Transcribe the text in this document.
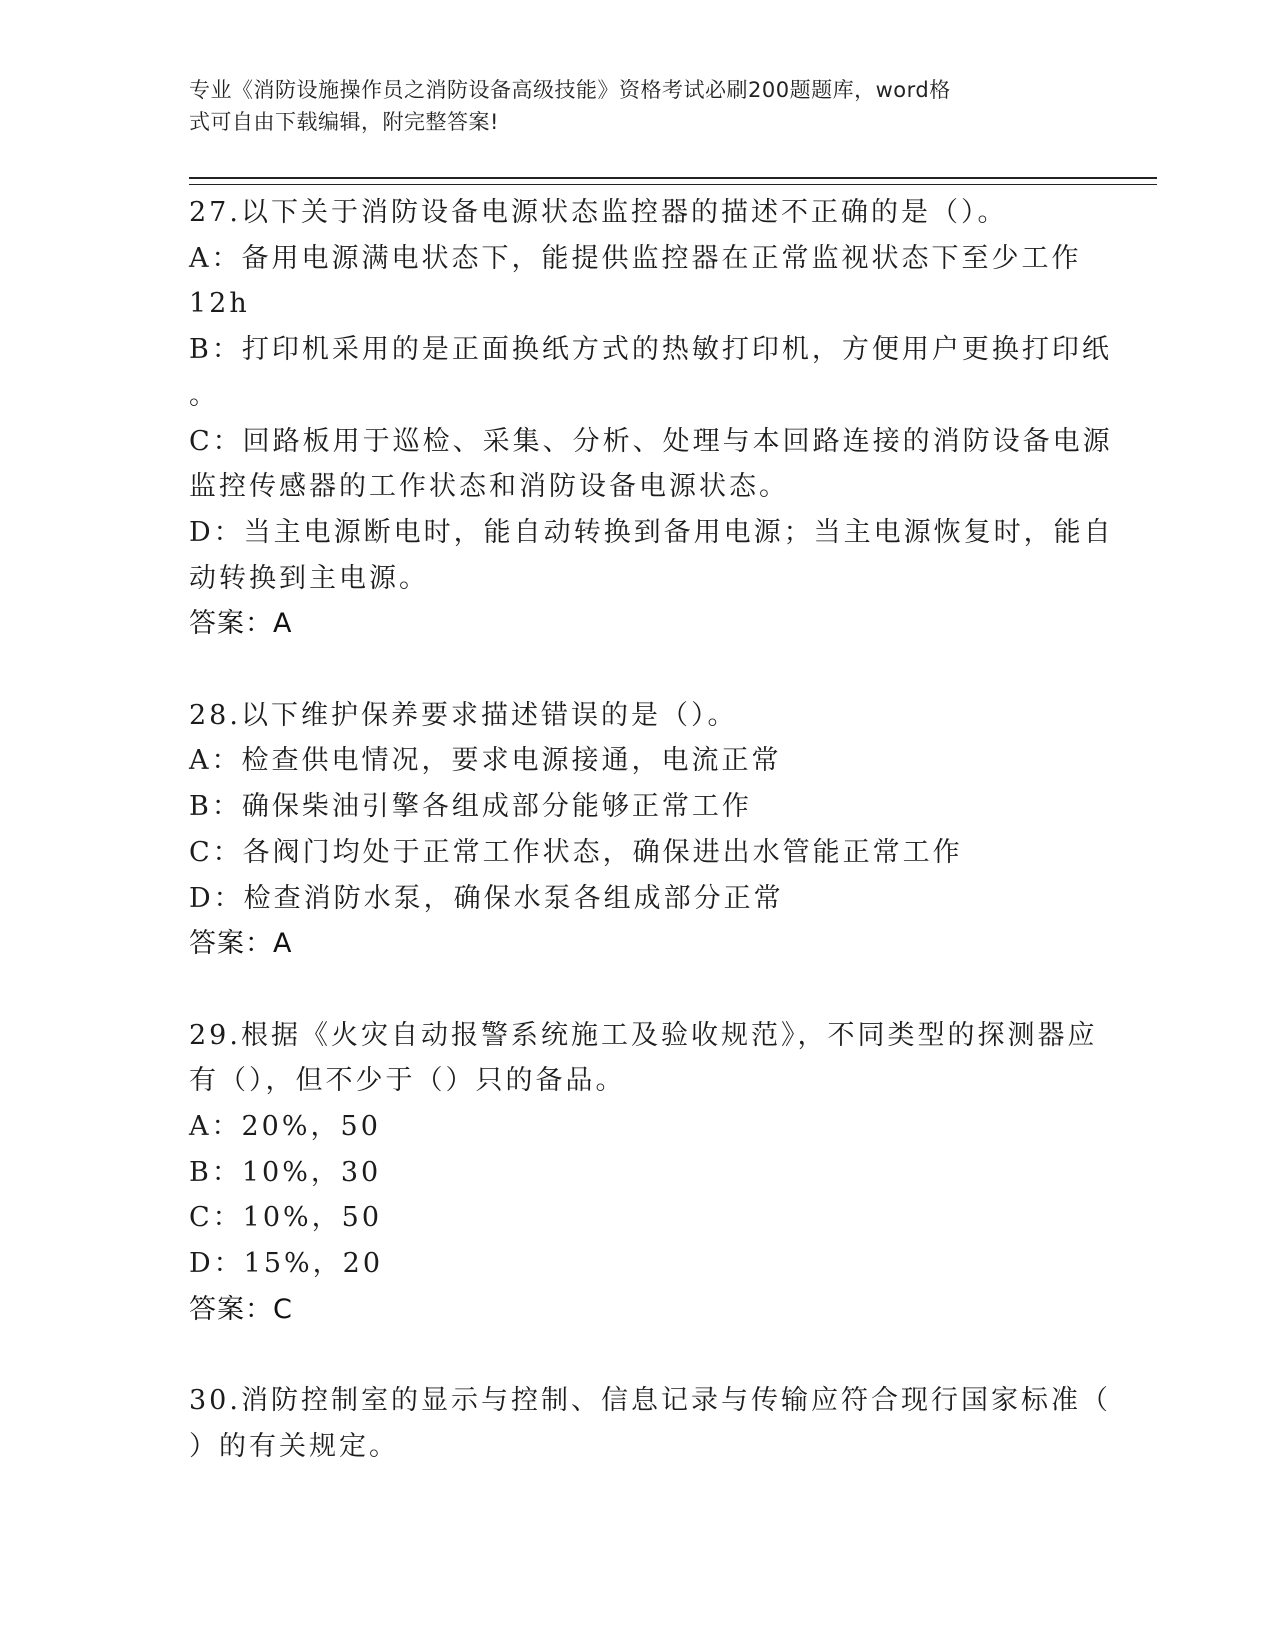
专业《消防设施操作员之消防设备高级技能》资格考试必刷200题题库，word格
式可自由下载编辑，附完整答案!
27.以下关于消防设备电源状态监控器的描述不正确的是（）。
A：备用电源满电状态下，能提供监控器在正常监视状态下至少工作
12h
B：打印机采用的是正面换纸方式的热敏打印机，方便用户更换打印纸
。
C：回路板用于巡检、采集、分析、处理与本回路连接的消防设备电源
监控传感器的工作状态和消防设备电源状态。
D：当主电源断电时，能自动转换到备用电源；当主电源恢复时，能自
动转换到主电源。
答案：A
28.以下维护保养要求描述错误的是（）。
A：检查供电情况，要求电源接通，电流正常
B：确保柴油引擎各组成部分能够正常工作
C：各阀门均处于正常工作状态，确保进出水管能正常工作
D：检查消防水泵，确保水泵各组成部分正常
答案：A
29.根据《火灾自动报警系统施工及验收规范》，不同类型的探测器应
有（），但不少于（）只的备品。
A：20%，50
B：10%，30
C：10%，50
D：15%，20
答案：C
30.消防控制室的显示与控制、信息记录与传输应符合现行国家标准（
）的有关规定。
